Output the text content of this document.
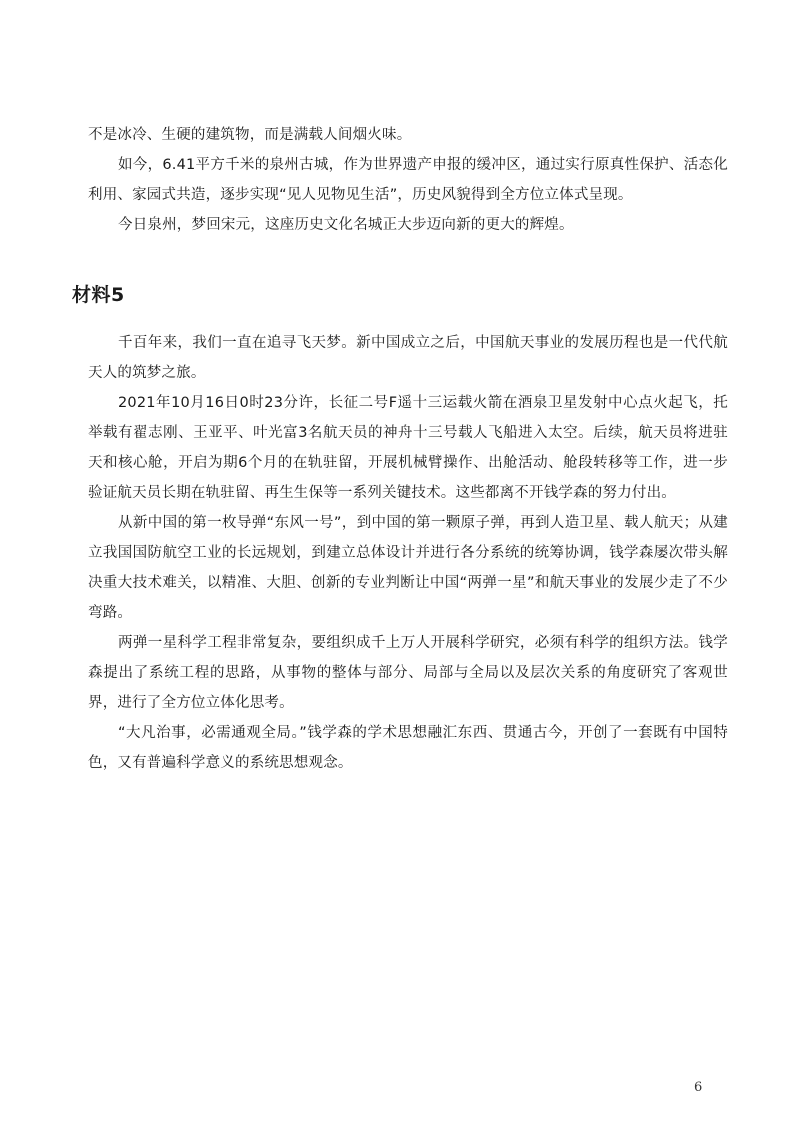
不是冰冷、生硬的建筑物，而是满载人间烟火味。

如今，6.41平方千米的泉州古城，作为世界遗产申报的缓冲区，通过实行原真性保护、活态化利用、家园式共造，逐步实现“见人见物见生活”，历史风貌得到全方位立体式呈现。

今日泉州，梦回宋元，这座历史文化名城正大步迈向新的更大的辉煌。

材料5

千百年来，我们一直在追寻飞天梦。新中国成立之后，中国航天事业的发展历程也是一代代航天人的筑梦之旅。

2021年10月16日0时23分许，长征二号F遥十三运载火箭在酒泉卫星发射中心点火起飞，托举载有翟志刚、王亚平、叶光富3名航天员的神舟十三号载人飞船进入太空。后续，航天员将进驻天和核心舱，开启为期6个月的在轨驻留，开展机械臂操作、出舱活动、舱段转移等工作，进一步验证航天员长期在轨驻留、再生生保等一系列关键技术。这些都离不开钱学森的努力付出。

从新中国的第一枚导弹“东风一号”，到中国的第一颗原子弹，再到人造卫星、载人航天；从建立我国国防航空工业的长远规划，到建立总体设计并进行各分系统的统筹协调，钱学森屡次带头解决重大技术难关，以精准、大胆、创新的专业判断让中国“两弹一星”和航天事业的发展少走了不少弯路。

两弹一星科学工程非常复杂，要组织成千上万人开展科学研究，必须有科学的组织方法。钱学森提出了系统工程的思路，从事物的整体与部分、局部与全局以及层次关系的角度研究了客观世界，进行了全方位立体化思考。

“大凡治事，必需通观全局。”钱学森的学术思想融汇东西、贯通古今，开创了一套既有中国特色，又有普遍科学意义的系统思想观念。

6
